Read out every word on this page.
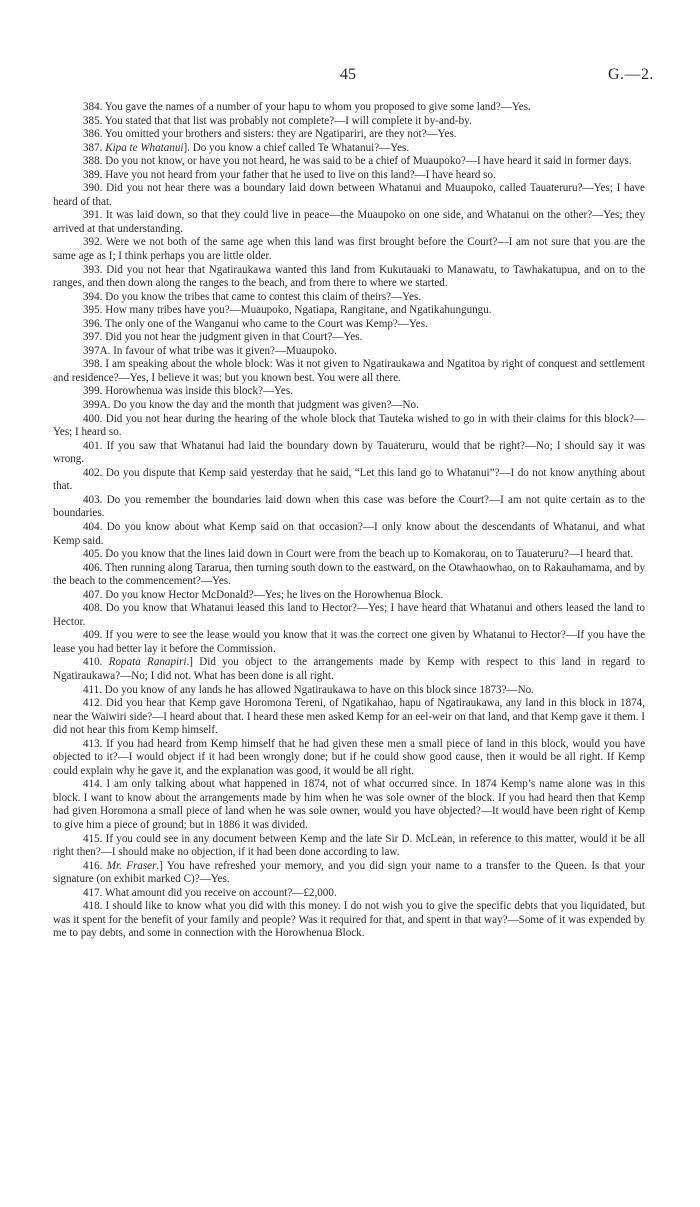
45	G.—2.

384. You gave the names of a number of your hapu to whom you proposed to give some land?—Yes.

385. You stated that that list was probably not complete?—I will complete it by-and-by.

386. You omitted your brothers and sisters: they are Ngatipariri, are they not?—Yes.

387. Kipa te Whatanui]. Do you know a chief called Te Whatanui?—Yes.

388. Do you not know, or have you not heard, he was said to be a chief of Muaupoko?—I have heard it said in former days.

389. Have you not heard from your father that he used to live on this land?—I have heard so.

390. Did you not hear there was a boundary laid down between Whatanui and Muaupoko, called Tauateruru?—Yes; I have heard of that.

391. It was laid down, so that they could live in peace—the Muaupoko on one side, and Whatanui on the other?—Yes; they arrived at that understanding.

392. Were we not both of the same age when this land was first brought before the Court?—I am not sure that you are the same age as I; I think perhaps you are little older.

393. Did you not hear that Ngatiraukawa wanted this land from Kukutauaki to Manawatu, to Tawhakatupua, and on to the ranges, and then down along the ranges to the beach, and from there to where we started.

394. Do you know the tribes that came to contest this claim of theirs?—Yes.

395. How many tribes have you?—Muaupoko, Ngatiapa, Rangitane, and Ngatikahungungu.

396. The only one of the Wanganui who came to the Court was Kemp?—Yes.

397. Did you not hear the judgment given in that Court?—Yes.

397A. In favour of what tribe was it given?—Muaupoko.

398. I am speaking about the whole block: Was it not given to Ngatiraukawa and Ngatitoa by right of conquest and settlement and residence?—Yes, I believe it was; but you known best. You were all there.

399. Horowhenua was inside this block?—Yes.

399A. Do you know the day and the month that judgment was given?—No.

400. Did you not hear during the hearing of the whole block that Tauteka wished to go in with their claims for this block?—Yes; I heard so.

401. If you saw that Whatanui had laid the boundary down by Tauateruru, would that be right?—No; I should say it was wrong.

402. Do you dispute that Kemp said yesterday that he said, “Let this land go to Whatanui”?—I do not know anything about that.

403. Do you remember the boundaries laid down when this case was before the Court?—I am not quite certain as to the boundaries.

404. Do you know about what Kemp said on that occasion?—I only know about the descendants of Whatanui, and what Kemp said.

405. Do you know that the lines laid down in Court were from the beach up to Komakorau, on to Tauateruru?—I heard that.

406. Then running along Tararua, then turning south down to the eastward, on the Otawhaowhao, on to Rakauhamama, and by the beach to the commencement?—Yes.

407. Do you know Hector McDonald?—Yes; he lives on the Horowhenua Block.

408. Do you know that Whatanui leased this land to Hector?—Yes; I have heard that Whatanui and others leased the land to Hector.

409. If you were to see the lease would you know that it was the correct one given by Whatanui to Hector?—If you have the lease you had better lay it before the Commission.

410. Ropata Ranapiri.] Did you object to the arrangements made by Kemp with respect to this land in regard to Ngatiraukawa?—No; I did not. What has been done is all right.

411. Do you know of any lands he has allowed Ngatiraukawa to have on this block since 1873?—No.

412. Did you hear that Kemp gave Horomona Tereni, of Ngatikahao, hapu of Ngatiraukawa, any land in this block in 1874, near the Waiwiri side?—I heard about that. I heard these men asked Kemp for an eel-weir on that land, and that Kemp gave it them. I did not hear this from Kemp himself.

413. If you had heard from Kemp himself that he had given these men a small piece of land in this block, would you have objected to it?—I would object if it had been wrongly done; but if he could show good cause, then it would be all right. If Kemp could explain why he gave it, and the explanation was good, it would be all right.

414. I am only talking about what happened in 1874, not of what occurred since. In 1874 Kemp’s name alone was in this block. I want to know about the arrangements made by him when he was sole owner of the block. If you had heard then that Kemp had given Horomona a small piece of land when he was sole owner, would you have objected?—It would have been right of Kemp to give him a piece of ground; but in 1886 it was divided.

415. If you could see in any document between Kemp and the late Sir D. McLean, in reference to this matter, would it be all right then?—I should make no objection, if it had been done according to law.

416. Mr. Fraser.] You have refreshed your memory, and you did sign your name to a transfer to the Queen. Is that your signature (on exhibit marked C)?—Yes.

417. What amount did you receive on account?—£2,000.

418. I should like to know what you did with this money. I do not wish you to give the specific debts that you liquidated, but was it spent for the benefit of your family and people? Was it required for that, and spent in that way?—Some of it was expended by me to pay debts, and some in connection with the Horowhenua Block.
